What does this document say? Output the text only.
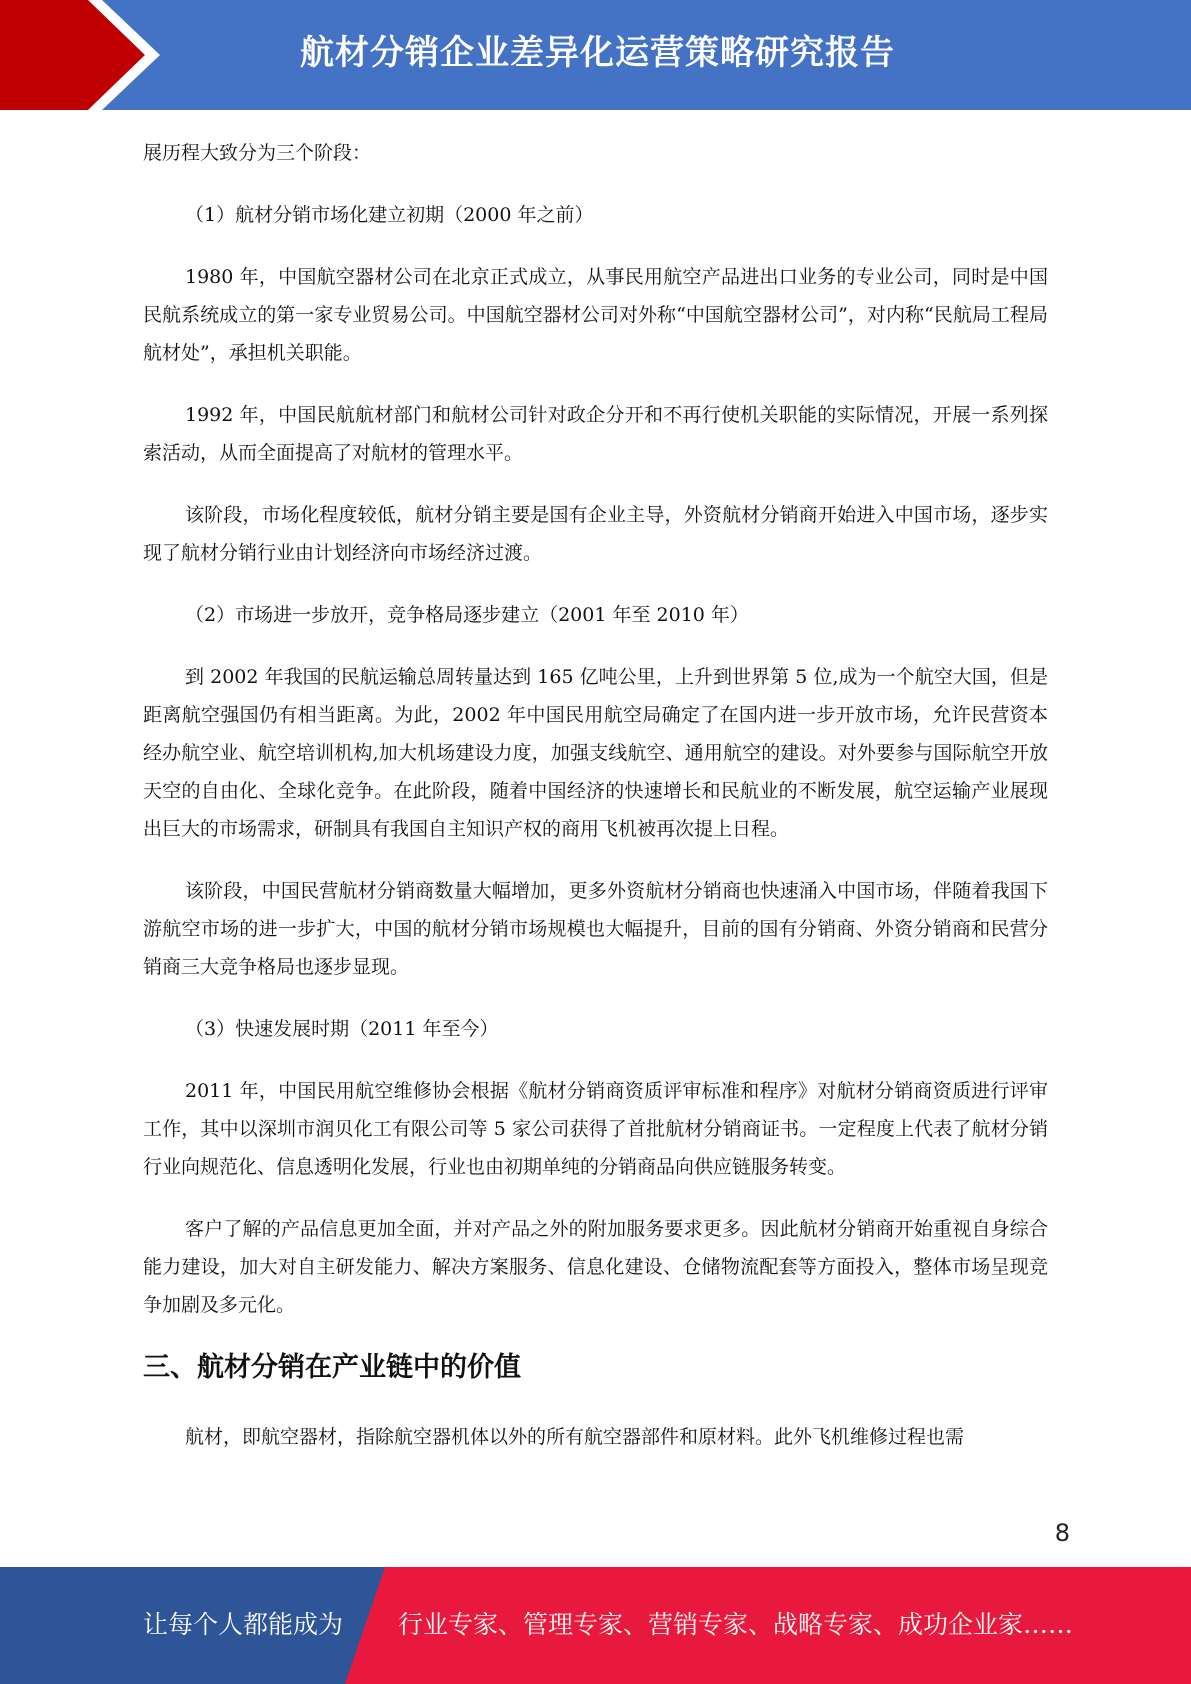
航材分销企业差异化运营策略研究报告

展历程大致分为三个阶段：

（1）航材分销市场化建立初期（2000 年之前）

1980 年，中国航空器材公司在北京正式成立，从事民用航空产品进出口业务的专业公司，同时是中国民航系统成立的第一家专业贸易公司。中国航空器材公司对外称“中国航空器材公司”，对内称“民航局工程局航材处”，承担机关职能。

1992 年，中国民航航材部门和航材公司针对政企分开和不再行使机关职能的实际情况，开展一系列探索活动，从而全面提高了对航材的管理水平。

该阶段，市场化程度较低，航材分销主要是国有企业主导，外资航材分销商开始进入中国市场，逐步实现了航材分销行业由计划经济向市场经济过渡。

（2）市场进一步放开，竞争格局逐步建立（2001 年至 2010 年）

到 2002 年我国的民航运输总周转量达到 165 亿吨公里，上升到世界第 5 位,成为一个航空大国，但是距离航空强国仍有相当距离。为此，2002 年中国民用航空局确定了在国内进一步开放市场，允许民营资本经办航空业、航空培训机构,加大机场建设力度，加强支线航空、通用航空的建设。对外要参与国际航空开放天空的自由化、全球化竞争。在此阶段，随着中国经济的快速增长和民航业的不断发展，航空运输产业展现出巨大的市场需求，研制具有我国自主知识产权的商用飞机被再次提上日程。

该阶段，中国民营航材分销商数量大幅增加，更多外资航材分销商也快速涌入中国市场，伴随着我国下游航空市场的进一步扩大，中国的航材分销市场规模也大幅提升，目前的国有分销商、外资分销商和民营分销商三大竞争格局也逐步显现。

（3）快速发展时期（2011 年至今）

2011 年，中国民用航空维修协会根据《航材分销商资质评审标准和程序》对航材分销商资质进行评审工作，其中以深圳市润贝化工有限公司等 5 家公司获得了首批航材分销商证书。一定程度上代表了航材分销行业向规范化、信息透明化发展，行业也由初期单纯的分销商品向供应链服务转变。

客户了解的产品信息更加全面，并对产品之外的附加服务要求更多。因此航材分销商开始重视自身综合能力建设，加大对自主研发能力、解决方案服务、信息化建设、仓储物流配套等方面投入，整体市场呈现竞争加剧及多元化。

三、航材分销在产业链中的价值

航材，即航空器材，指除航空器机体以外的所有航空器部件和原材料。此外飞机维修过程也需

8
让每个人都能成为 行业专家、管理专家、营销专家、战略专家、成功企业家……
